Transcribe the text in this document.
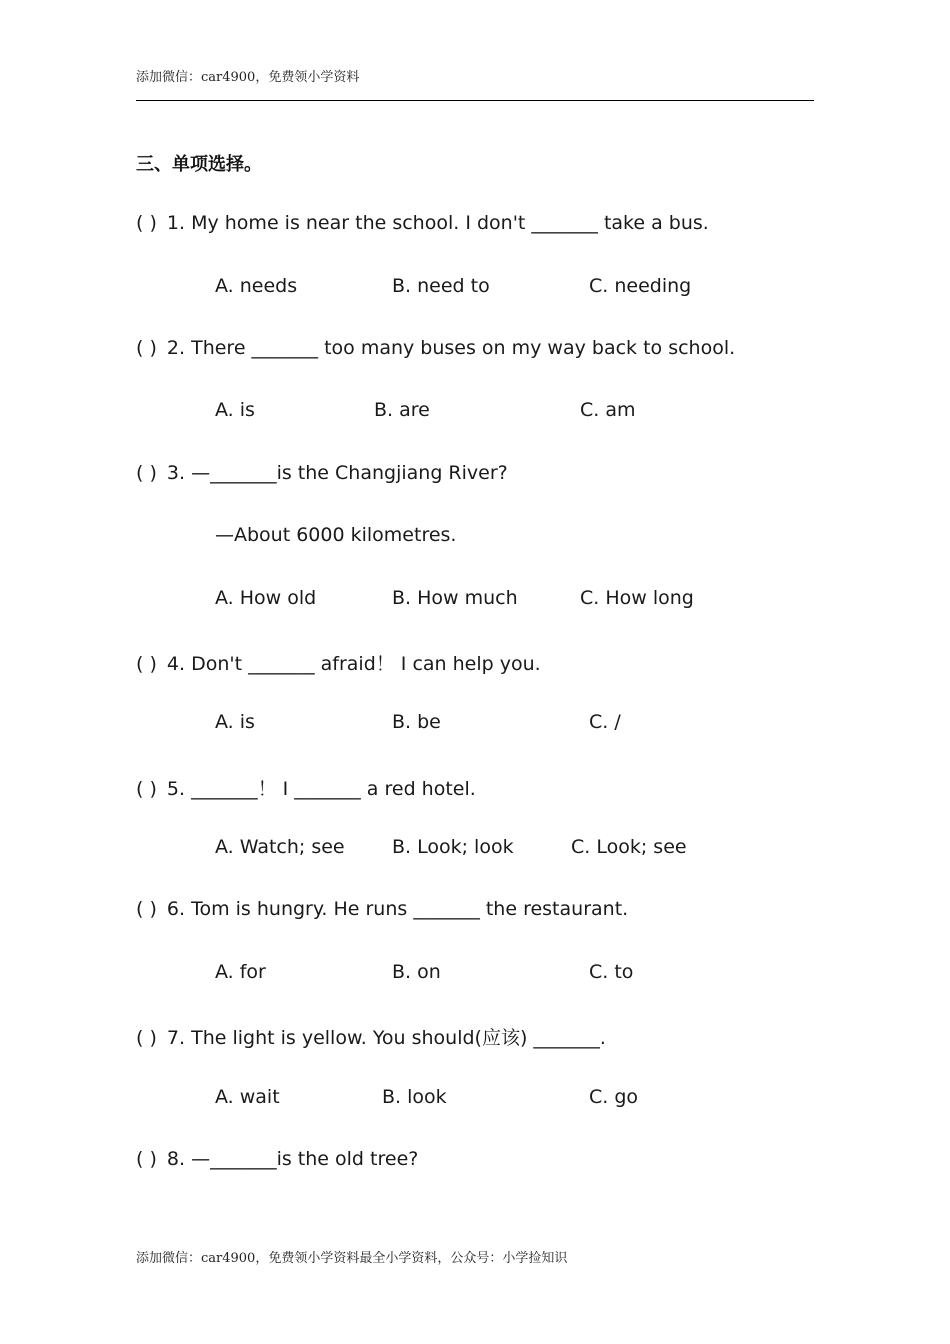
添加微信：car4900，免费领小学资料
三、单项选择。
( ) 1. My home is near the school. I don't _______ take a bus.
A. needs	B. need to	C. needing
( ) 2. There _______ too many buses on my way back to school.
A. is	B. are	C. am
( ) 3. —_______is the Changjiang River?
—About 6000 kilometres.
A. How old	B. How much	C. How long
( ) 4. Don't _______ afraid！ I can help you.
A. is	B. be	C. /
( ) 5. _______！ I _______ a red hotel.
A. Watch; see B. Look; look	C. Look; see
( ) 6. Tom is hungry. He runs _______ the restaurant.
A. for	B. on	C. to
( ) 7. The light is yellow. You should(应该) _______.
A. wait	B. look	C. go
( ) 8. —_______is the old tree?
添加微信：car4900，免费领小学资料最全小学资料，公众号：小学捡知识
